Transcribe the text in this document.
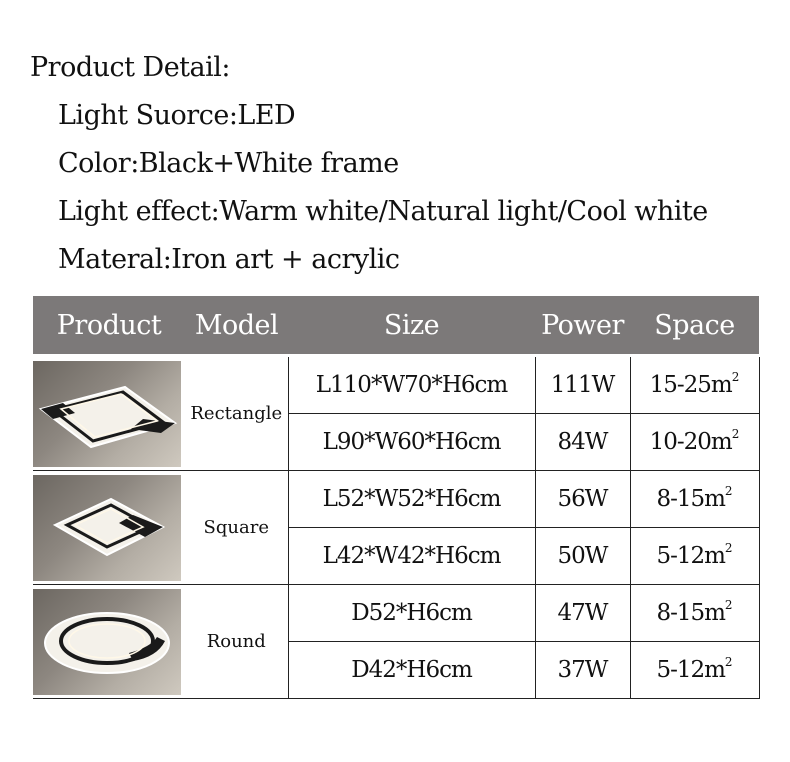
Product Detail:
Light Suorce:LED
Color:Black+White frame
Light effect:Warm white/Natural light/Cool white
Materal:Iron art + acrylic
Product	Model	Size	Power	Space

	Rectangle	L110*W70*H6cm	111W	$15-25m^2$
		L90*W60*H6cm	84W	$10-20m^2$

	Square	L52*W52*H6cm	56W	$8-15m^2$
		L42*W42*H6cm	50W	$5-12m^2$

	Round	D52*H6cm	47W	$8-15m^2$
		D42*H6cm	37W	$5-12m^2$
